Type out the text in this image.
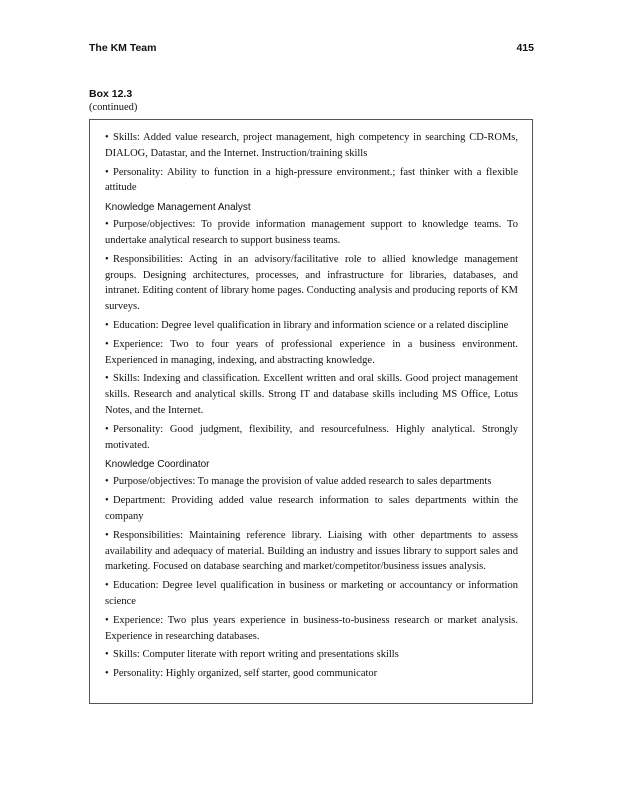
The KM Team	415
Box 12.3
(continued)
• Skills: Added value research, project management, high competency in searching CD-ROMs, DIALOG, Datastar, and the Internet. Instruction/training skills
• Personality: Ability to function in a high-pressure environment.; fast thinker with a flexible attitude
Knowledge Management Analyst
• Purpose/objectives: To provide information management support to knowledge teams. To undertake analytical research to support business teams.
• Responsibilities: Acting in an advisory/facilitative role to allied knowledge management groups. Designing architectures, processes, and infrastructure for libraries, databases, and intranet. Editing content of library home pages. Conducting analysis and producing reports of KM surveys.
• Education: Degree level qualification in library and information science or a related discipline
• Experience: Two to four years of professional experience in a business environment. Experienced in managing, indexing, and abstracting knowledge.
• Skills: Indexing and classification. Excellent written and oral skills. Good project management skills. Research and analytical skills. Strong IT and database skills including MS Office, Lotus Notes, and the Internet.
• Personality: Good judgment, flexibility, and resourcefulness. Highly analytical. Strongly motivated.
Knowledge Coordinator
• Purpose/objectives: To manage the provision of value added research to sales departments
• Department: Providing added value research information to sales departments within the company
• Responsibilities: Maintaining reference library. Liaising with other departments to assess availability and adequacy of material. Building an industry and issues library to support sales and marketing. Focused on database searching and market/competitor/business issues analysis.
• Education: Degree level qualification in business or marketing or accountancy or information science
• Experience: Two plus years experience in business-to-business research or market analysis. Experience in researching databases.
• Skills: Computer literate with report writing and presentations skills
• Personality: Highly organized, self starter, good communicator
